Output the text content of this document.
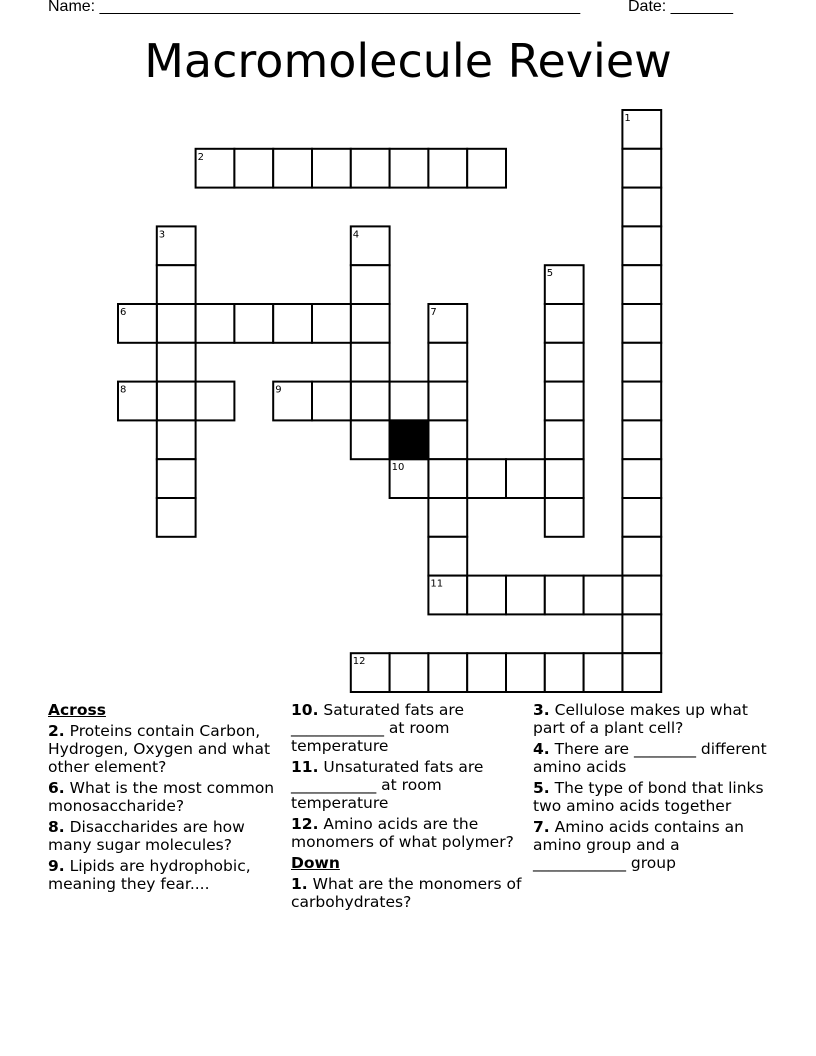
Name: ______________________________________________________	Date: _______
Macromolecule Review
1
2
3	4
5
6	7
8	9
10
11
12
Across
2. Proteins contain Carbon, Hydrogen, Oxygen and what other element?
6. What is the most common monosaccharide?
8. Disaccharides are how many sugar molecules?
9. Lipids are hydrophobic, meaning they fear....
10. Saturated fats are ____________ at room temperature
11. Unsaturated fats are ___________ at room temperature
12. Amino acids are the monomers of what polymer?
Down
1. What are the monomers of carbohydrates?
3. Cellulose makes up what part of a plant cell?
4. There are ________ different amino acids
5. The type of bond that links two amino acids together
7. Amino acids contains an amino group and a ____________ group
